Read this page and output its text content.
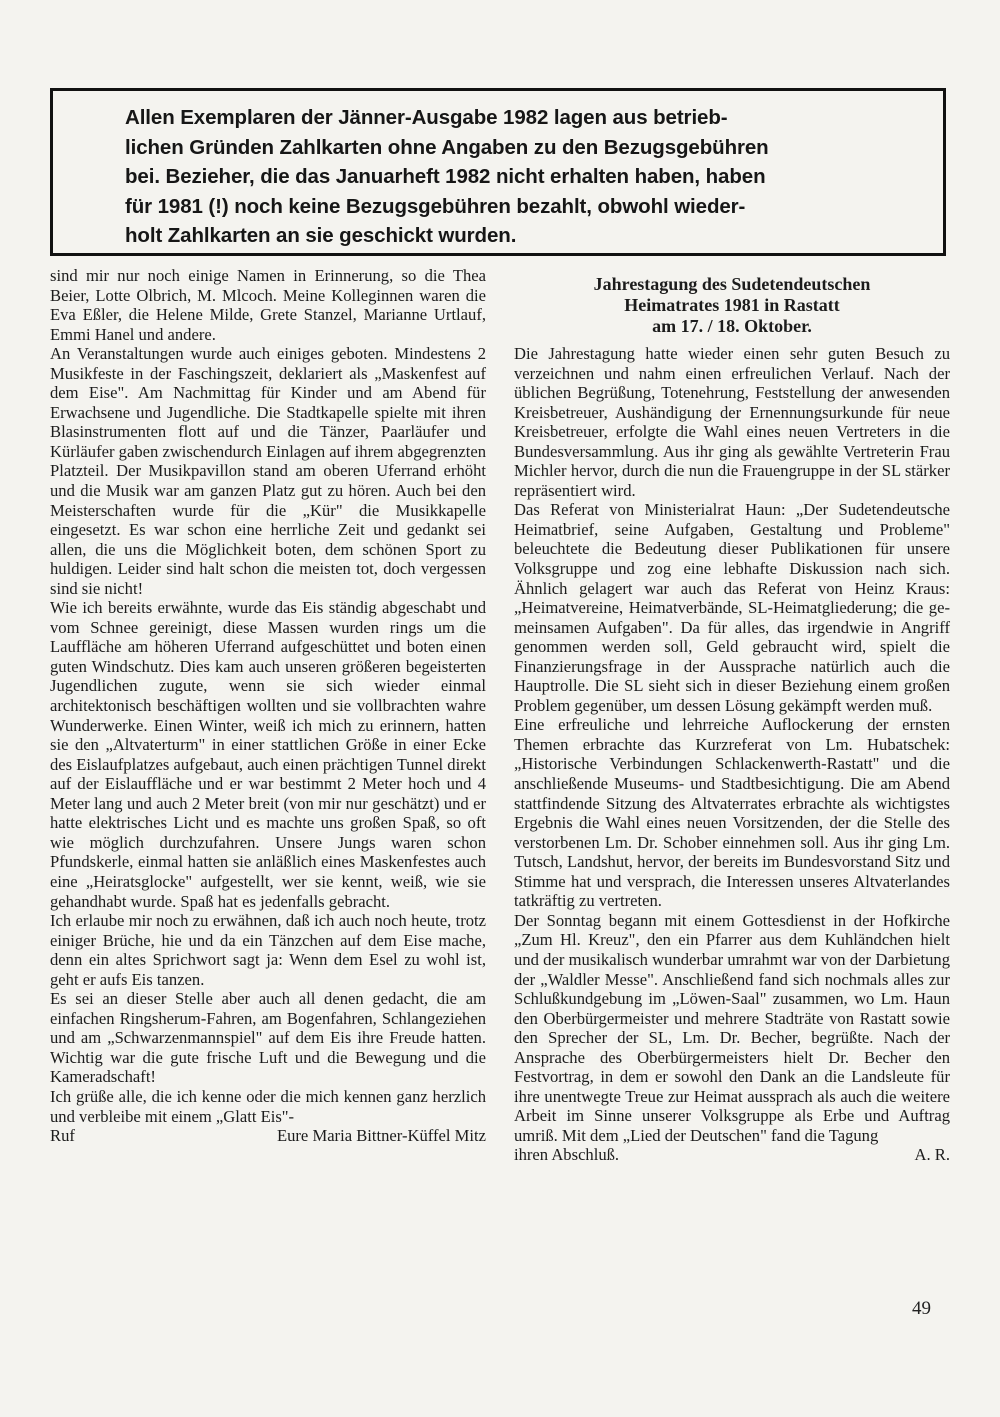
Allen Exemplaren der Jänner-Ausgabe 1982 lagen aus betrieb-

lichen Gründen Zahlkarten ohne Angaben zu den Bezugsgebühren

bei. Bezieher, die das Januarheft 1982 nicht erhalten haben, haben

für 1981 (!) noch keine Bezugsgebühren bezahlt, obwohl wieder-

holt Zahlkarten an sie geschickt wurden.

sind mir nur noch einige Namen in Erinnerung, so die Thea Beier, Lotte Olbrich, M. Mlcoch. Meine Kolleginnen waren die Eva Eßler, die Helene Milde, Grete Stanzel, Marianne Urtlauf, Emmi Hanel und andere.

An Veranstaltungen wurde auch einiges geboten. Mindestens 2 Musikfeste in der Faschingszeit, deklariert als „Maskenfest auf dem Eise". Am Nachmittag für Kinder und am Abend für Erwachsene und Jugendliche. Die Stadtkapelle spielte mit ihren Blasinstrumenten flott auf und die Tänzer, Paarläufer und Kürläufer gaben zwischendurch Einlagen auf ihrem abgegrenzten Platzteil. Der Musikpavillon stand am oberen Uferrand erhöht und die Musik war am ganzen Platz gut zu hören. Auch bei den Meisterschaften wurde für die „Kür" die Musikkapelle eingesetzt. Es war schon eine herrliche Zeit und gedankt sei allen, die uns die Möglichkeit boten, dem schönen Sport zu huldigen. Leider sind halt schon die meisten tot, doch vergessen sind sie nicht!

Wie ich bereits erwähnte, wurde das Eis ständig abgeschabt und vom Schnee gereinigt, diese Massen wurden rings um die Lauffläche am höheren Uferrand aufgeschüttet und boten einen guten Windschutz. Dies kam auch unseren größeren begeisterten Jugendlichen zugute, wenn sie sich wieder einmal architektonisch beschäftigen wollten und sie vollbrachten wahre Wunderwerke. Einen Winter, weiß ich mich zu erinnern, hatten sie den „Altvaterturm" in einer stattlichen Größe in einer Ecke des Eislaufplatzes aufgebaut, auch einen prächtigen Tunnel direkt auf der Eislauffläche und er war bestimmt 2 Meter hoch und 4 Meter lang und auch 2 Meter breit (von mir nur geschätzt) und er hatte elektrisches Licht und es machte uns großen Spaß, so oft wie möglich durchzufahren. Unsere Jungs waren schon Pfundskerle, einmal hatten sie anläßlich eines Maskenfestes auch eine „Heiratsglocke" aufgestellt, wer sie kennt, weiß, wie sie gehandhabt wurde. Spaß hat es jedenfalls gebracht.

Ich erlaube mir noch zu erwähnen, daß ich auch noch heute, trotz einiger Brüche, hie und da ein Tänzchen auf dem Eise mache, denn ein altes Sprichwort sagt ja: Wenn dem Esel zu wohl ist, geht er aufs Eis tanzen.

Es sei an dieser Stelle aber auch all denen gedacht, die am einfachen Ringsherum-Fahren, am Bogenfahren, Schlangeziehen und am „Schwarzenmannspiel" auf dem Eis ihre Freude hatten. Wichtig war die gute frische Luft und die Bewegung und die Kameradschaft!

Ich grüße alle, die ich kenne oder die mich kennen ganz herzlich und verbleibe mit einem „Glatt Eis"-

Ruf	Eure Maria Bittner-Küffel Mitz
Jahrestagung des Sudetendeutschen
Heimatrates 1981 in Rastatt
am 17. / 18. Oktober.

Die Jahrestagung hatte wieder einen sehr guten Besuch zu verzeichnen und nahm einen erfreulichen Verlauf. Nach der üblichen Begrüßung, Totenehrung, Feststellung der anwesenden Kreisbetreuer, Aushändigung der Ernennungsurkunde für neue Kreisbetreuer, erfolgte die Wahl eines neuen Vertreters in die Bundesversammlung. Aus ihr ging als gewählte Vertreterin Frau Michler hervor, durch die nun die Frauengruppe in der SL stärker repräsentiert wird.

Das Referat von Ministerialrat Haun: „Der Sudetendeutsche Heimatbrief, seine Aufgaben, Gestaltung und Probleme" beleuchtete die Bedeutung dieser Publikationen für unsere Volksgruppe und zog eine lebhafte Diskussion nach sich. Ähnlich gelagert war auch das Referat von Heinz Kraus: „Heimatvereine, Heimatverbände, SL-Heimatgliederung; die gemeinsamen Aufgaben". Da für alles, das irgendwie in Angriff genommen werden soll, Geld gebraucht wird, spielt die Finanzierungsfrage in der Aussprache natürlich auch die Hauptrolle. Die SL sieht sich in dieser Beziehung einem großen Problem gegenüber, um dessen Lösung gekämpft werden muß.

Eine erfreuliche und lehrreiche Auflockerung der ernsten Themen erbrachte das Kurzreferat von Lm. Hubatschek: „Historische Verbindungen Schlackenwerth-Rastatt" und die anschließende Museums- und Stadtbesichtigung. Die am Abend stattfindende Sitzung des Altvaterrates erbrachte als wichtigstes Ergebnis die Wahl eines neuen Vorsitzenden, der die Stelle des verstorbenen Lm. Dr. Schober einnehmen soll. Aus ihr ging Lm. Tutsch, Landshut, hervor, der bereits im Bundesvorstand Sitz und Stimme hat und versprach, die Interessen unseres Altvaterlandes tatkräftig zu vertreten.

Der Sonntag begann mit einem Gottesdienst in der Hofkirche „Zum Hl. Kreuz", den ein Pfarrer aus dem Kuhländchen hielt und der musikalisch wunderbar umrahmt war von der Darbietung der „Waldler Messe". Anschließend fand sich nochmals alles zur Schlußkundgebung im „Löwen-Saal" zusammen, wo Lm. Haun den Oberbürgermeister und mehrere Stadträte von Rastatt sowie den Sprecher der SL, Lm. Dr. Becher, begrüßte. Nach der Ansprache des Oberbürgermeisters hielt Dr. Becher den Festvortrag, in dem er sowohl den Dank an die Landsleute für ihre unentwegte Treue zur Heimat aussprach als auch die weitere Arbeit im Sinne unserer Volksgruppe als Erbe und Auftrag umriß. Mit dem „Lied der Deutschen" fand die Tagung

ihren Abschluß.	A. R.
49
